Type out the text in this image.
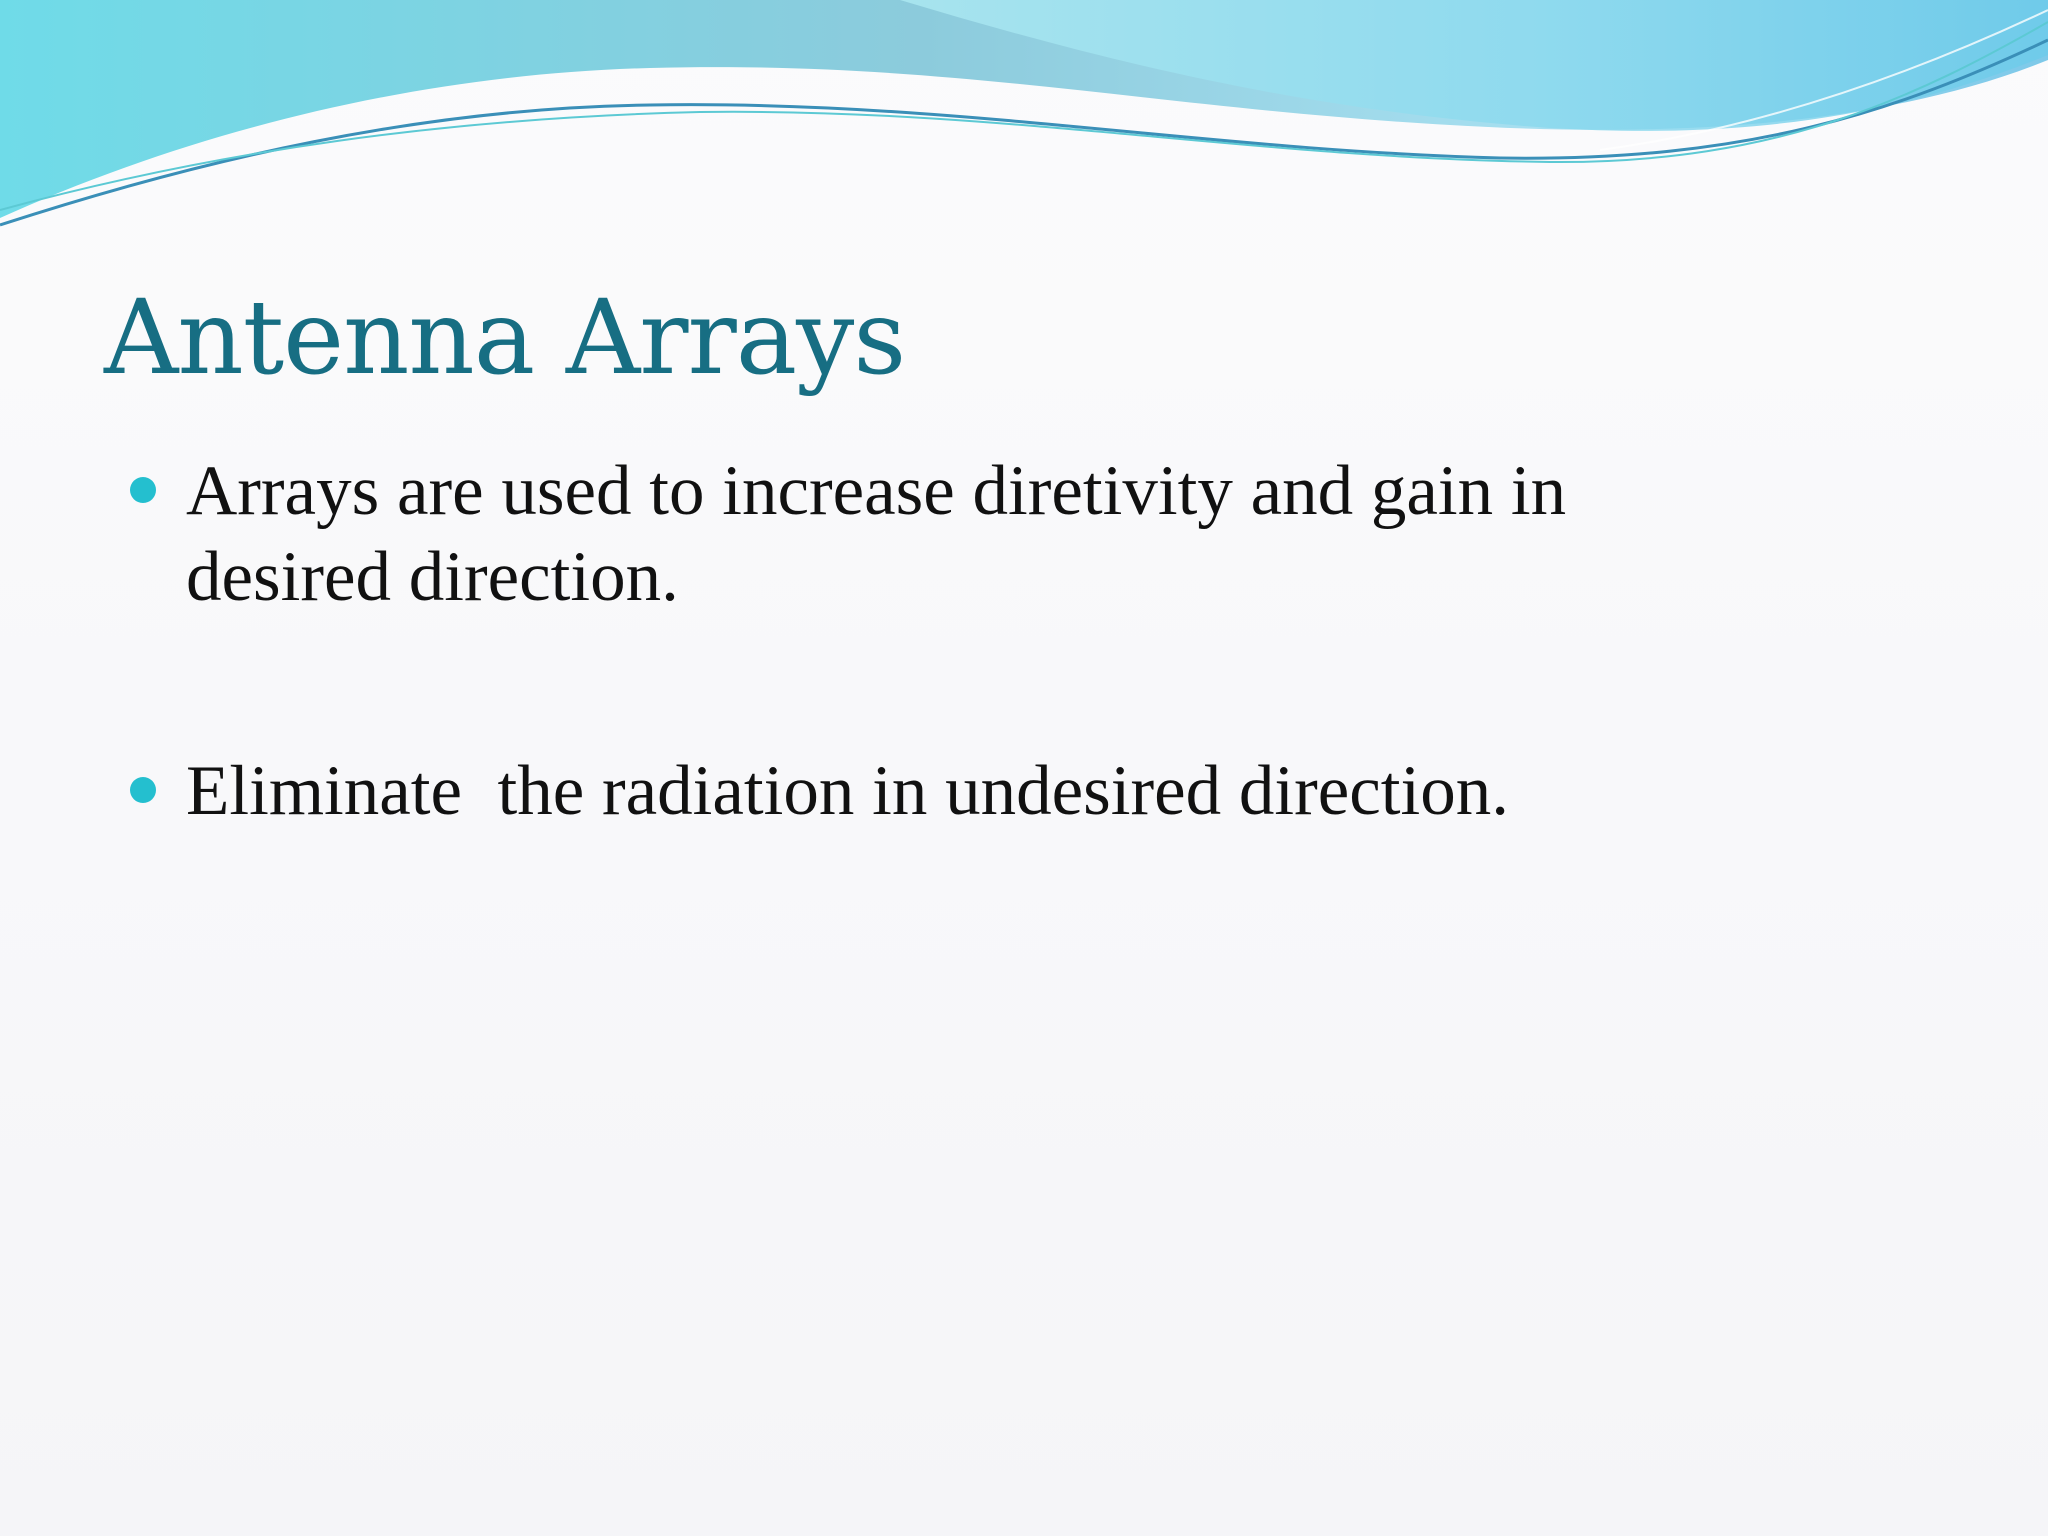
Antenna Arrays
Arrays are used to increase diretivity and gain in desired direction.
Eliminate  the radiation in undesired direction.
